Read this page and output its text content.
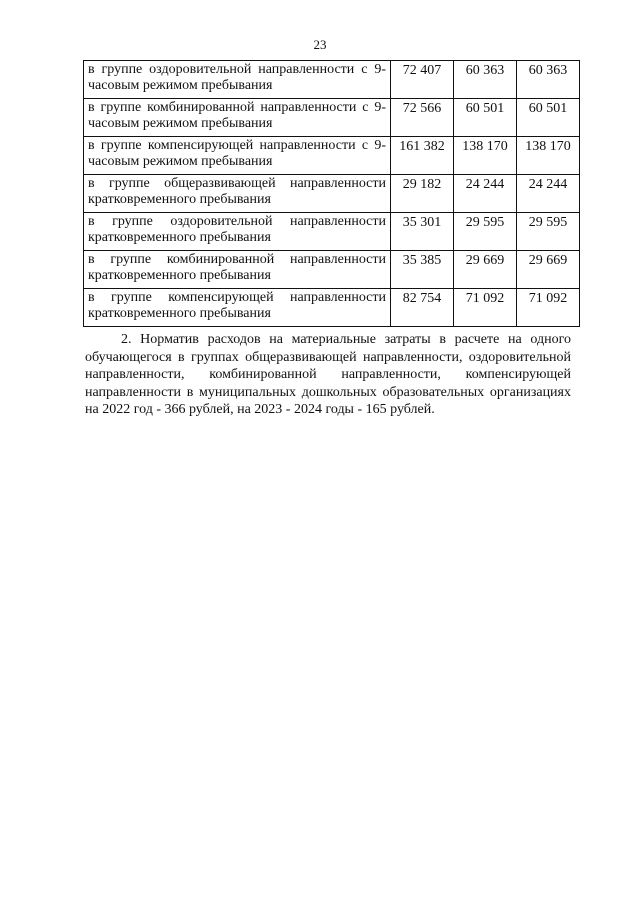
23
в группе оздоровительной направленности с 9-часовым режимом пребывания	72 407	60 363	60 363
в группе комбинированной направленности с 9-часовым режимом пребывания	72 566	60 501	60 501
в группе компенсирующей направленности с 9-часовым режимом пребывания	161 382	138 170	138 170
в группе общеразвивающей направленности кратковременного пребывания	29 182	24 244	24 244
в группе оздоровительной направленности кратковременного пребывания	35 301	29 595	29 595
в группе комбинированной направленности кратковременного пребывания	35 385	29 669	29 669
в группе компенсирующей направленности кратковременного пребывания	82 754	71 092	71 092

2. Норматив расходов на материальные затраты в расчете на одного обучающегося в группах общеразвивающей направленности, оздоровительной направленности, комбинированной направленности, компенсирующей направленности в муниципальных дошкольных образовательных организациях на 2022 год - 366 рублей, на 2023 - 2024 годы - 165 рублей.
